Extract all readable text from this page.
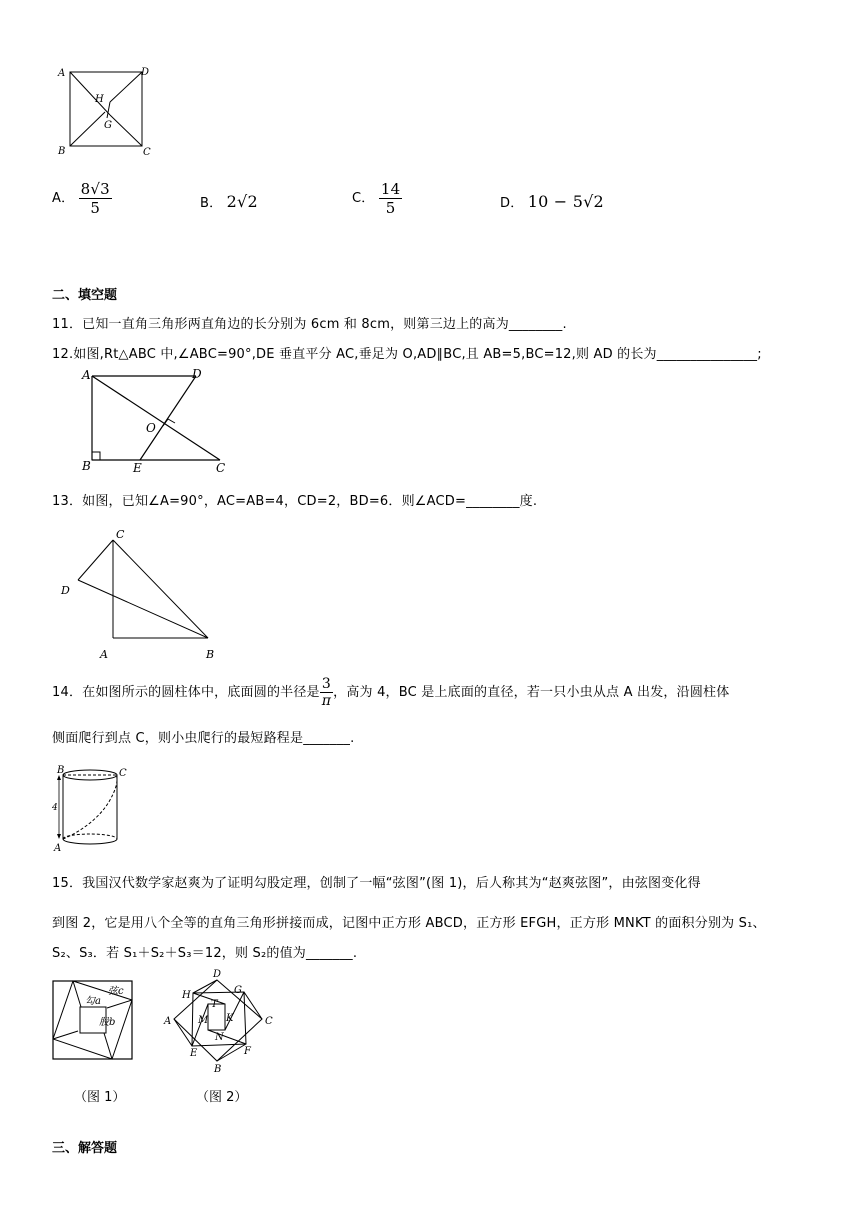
A	D
B	C
H
G
A． $\frac{8√3}{5}$	B． 2√2	C． $\frac{14}{5}$	D． 10 − 5√2
二、填空题
11．已知一直角三角形两直角边的长分别为 6cm 和 8cm，则第三边上的高为________.
12.如图,Rt△ABC 中,∠ABC=90°,DE 垂直平分 AC,垂足为 O,AD∥BC,且 AB=5,BC=12,则 AD 的长为_______________;
A	D
B	E	C
O
13．如图，已知∠A=90°，AC=AB=4，CD=2，BD=6．则∠ACD=________度.
C
D
A	B
14．在如图所示的圆柱体中，底面圆的半径是 $\frac{3}{\pi}$ ，高为 4，BC 是上底面的直径，若一只小虫从点 A 出发，沿圆柱体
侧面爬行到点 C，则小虫爬行的最短路程是_______.
B	C
A
4
15．我国汉代数学家赵爽为了证明勾股定理，创制了一幅“弦图”(图 1)，后人称其为“赵爽弦图”，由弦图变化得
到图 2，它是用八个全等的直角三角形拼接而成，记图中正方形 ABCD，正方形 EFGH，正方形 MNKT 的面积分别为 S₁、
S₂、S₃．若 S₁＋S₂＋S₃＝12，则 S₂的值为_______.
弦c
勾a
股b
（图 1）
D
G
H
T
A	M K	C
N
F
E
B
（图 2）
三、解答题
